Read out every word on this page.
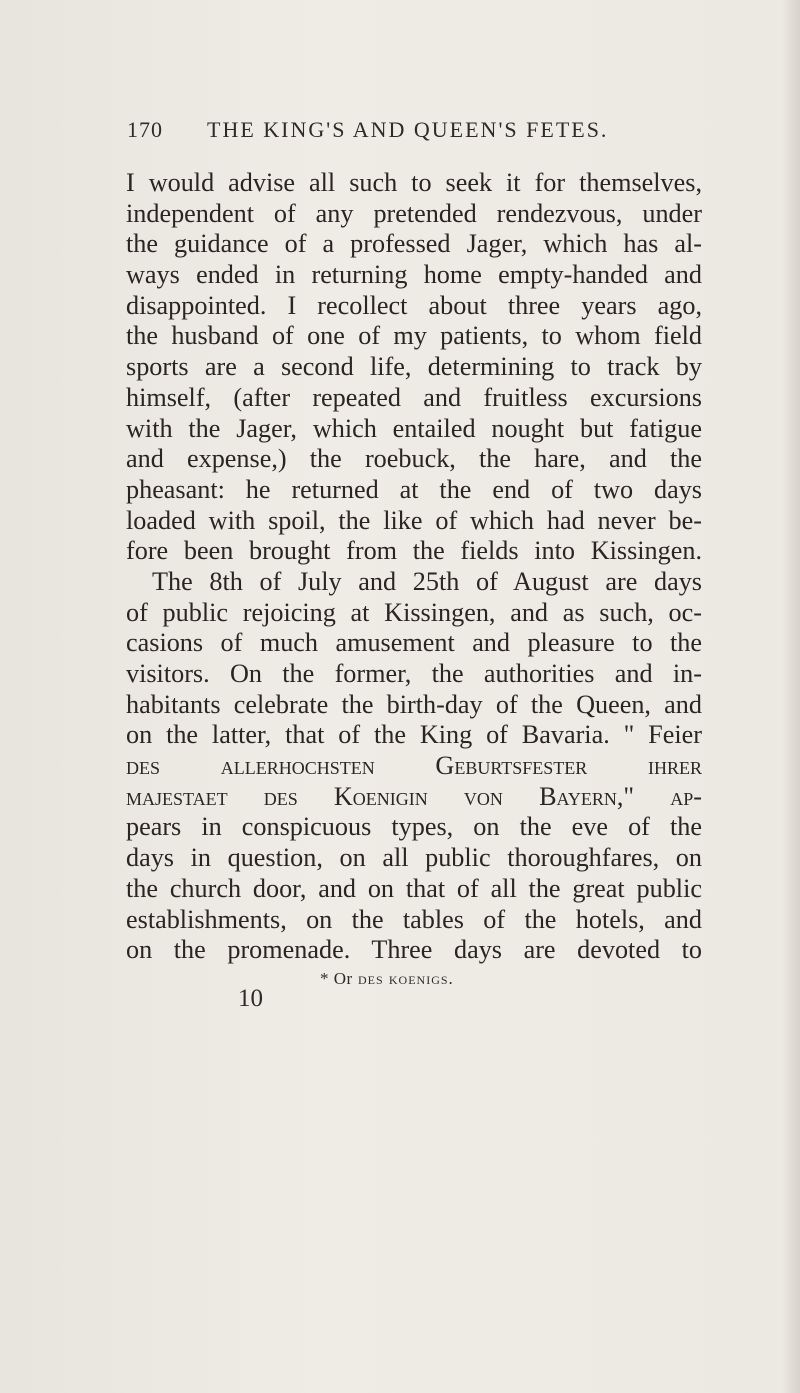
170 THE KING'S AND QUEEN'S FETES.
I would advise all such to seek it for themselves,
independent of any pretended rendezvous, under
the guidance of a professed Jager, which has al-
ways ended in returning home empty-handed and
disappointed. I recollect about three years ago,
the husband of one of my patients, to whom field
sports are a second life, determining to track by
himself, (after repeated and fruitless excursions
with the Jager, which entailed nought but fatigue
and expense,) the roebuck, the hare, and the
pheasant: he returned at the end of two days
loaded with spoil, the like of which had never be-
fore been brought from the fields into Kissingen.
The 8th of July and 25th of August are days
of public rejoicing at Kissingen, and as such, oc-
casions of much amusement and pleasure to the
visitors. On the former, the authorities and in-
habitants celebrate the birth-day of the Queen, and
on the latter, that of the King of Bavaria. " Feier
des allerhochsten Geburtsfester ihrer
majestaet des Koenigin von Bayern," ap-
pears in conspicuous types, on the eve of the
days in question, on all public thoroughfares, on
the church door, and on that of all the great public
establishments, on the tables of the hotels, and
on the promenade. Three days are devoted to
* Or des koenigs.
10
